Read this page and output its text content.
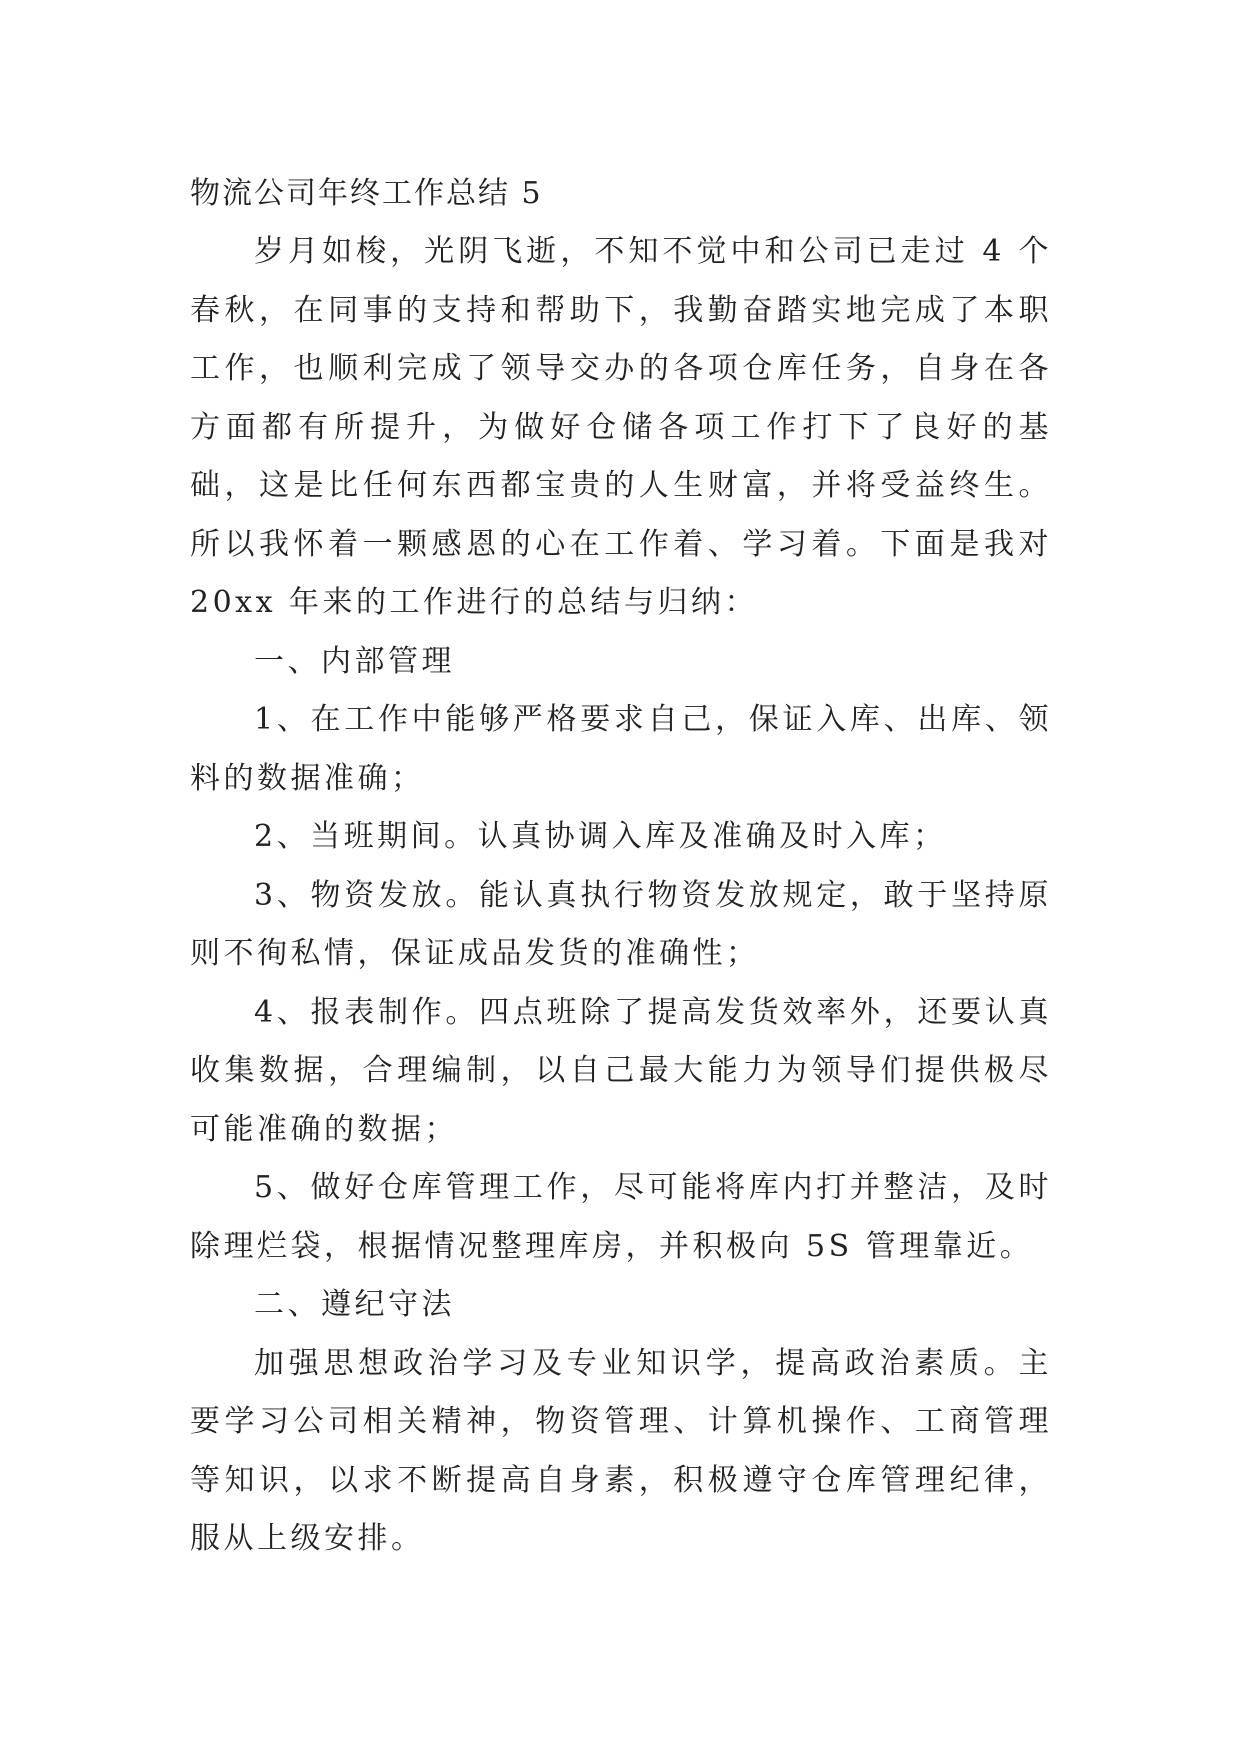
物流公司年终工作总结 5

岁月如梭，光阴飞逝，不知不觉中和公司已走过 4 个春秋，在同事的支持和帮助下，我勤奋踏实地完成了本职工作，也顺利完成了领导交办的各项仓库任务，自身在各方面都有所提升，为做好仓储各项工作打下了良好的基础，这是比任何东西都宝贵的人生财富，并将受益终生。所以我怀着一颗感恩的心在工作着、学习着。下面是我对 20xx 年来的工作进行的总结与归纳：

一、内部管理

1、在工作中能够严格要求自己，保证入库、出库、领料的数据准确；

2、当班期间。认真协调入库及准确及时入库；

3、物资发放。能认真执行物资发放规定，敢于坚持原则不徇私情，保证成品发货的准确性；

4、报表制作。四点班除了提高发货效率外，还要认真收集数据，合理编制，以自己最大能力为领导们提供极尽可能准确的数据；

5、做好仓库管理工作，尽可能将库内打并整洁，及时除理烂袋，根据情况整理库房，并积极向 5S 管理靠近。

二、遵纪守法

加强思想政治学习及专业知识学，提高政治素质。主要学习公司相关精神，物资管理、计算机操作、工商管理等知识，以求不断提高自身素，积极遵守仓库管理纪律，服从上级安排。
